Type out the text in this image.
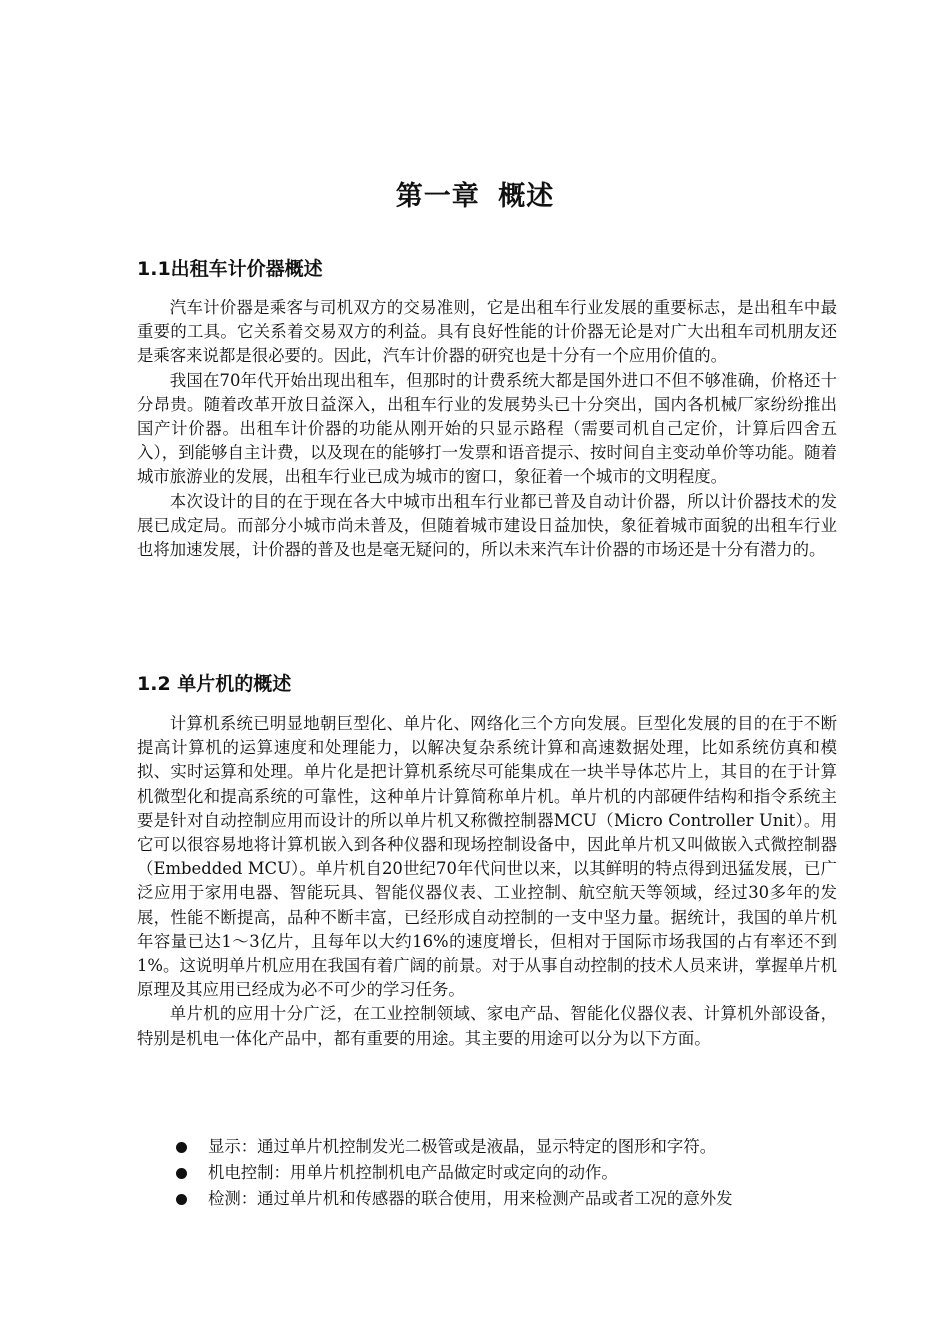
第一章 概述
1.1出租车计价器概述

汽车计价器是乘客与司机双方的交易准则，它是出租车行业发展的重要标志，是出租车中最重要的工具。它关系着交易双方的利益。具有良好性能的计价器无论是对广大出租车司机朋友还是乘客来说都是很必要的。因此，汽车计价器的研究也是十分有一个应用价值的。

我国在70年代开始出现出租车，但那时的计费系统大都是国外进口不但不够准确，价格还十分昂贵。随着改革开放日益深入，出租车行业的发展势头已十分突出，国内各机械厂家纷纷推出国产计价器。出租车计价器的功能从刚开始的只显示路程（需要司机自己定价，计算后四舍五入），到能够自主计费，以及现在的能够打一发票和语音提示、按时间自主变动单价等功能。随着城市旅游业的发展，出租车行业已成为城市的窗口，象征着一个城市的文明程度。

本次设计的目的在于现在各大中城市出租车行业都已普及自动计价器，所以计价器技术的发展已成定局。而部分小城市尚未普及，但随着城市建设日益加快，象征着城市面貌的出租车行业也将加速发展，计价器的普及也是毫无疑问的，所以未来汽车计价器的市场还是十分有潜力的。

1.2 单片机的概述

计算机系统已明显地朝巨型化、单片化、网络化三个方向发展。巨型化发展的目的在于不断提高计算机的运算速度和处理能力，以解决复杂系统计算和高速数据处理，比如系统仿真和模拟、实时运算和处理。单片化是把计算机系统尽可能集成在一块半导体芯片上，其目的在于计算机微型化和提高系统的可靠性，这种单片计算简称单片机。单片机的内部硬件结构和指令系统主要是针对自动控制应用而设计的所以单片机又称微控制器MCU（Micro Controller Unit）。用它可以很容易地将计算机嵌入到各种仪器和现场控制设备中，因此单片机又叫做嵌入式微控制器（Embedded MCU）。单片机自20世纪70年代问世以来，以其鲜明的特点得到迅猛发展，已广泛应用于家用电器、智能玩具、智能仪器仪表、工业控制、航空航天等领域，经过30多年的发展，性能不断提高，品种不断丰富，已经形成自动控制的一支中坚力量。据统计，我国的单片机年容量已达1～3亿片，且每年以大约16%的速度增长，但相对于国际市场我国的占有率还不到1%。这说明单片机应用在我国有着广阔的前景。对于从事自动控制的技术人员来讲，掌握单片机原理及其应用已经成为必不可少的学习任务。

单片机的应用十分广泛，在工业控制领域、家电产品、智能化仪器仪表、计算机外部设备，特别是机电一体化产品中，都有重要的用途。其主要的用途可以分为以下方面。

显示：通过单片机控制发光二极管或是液晶，显示特定的图形和字符。
机电控制：用单片机控制机电产品做定时或定向的动作。
检测：通过单片机和传感器的联合使用，用来检测产品或者工况的意外发
